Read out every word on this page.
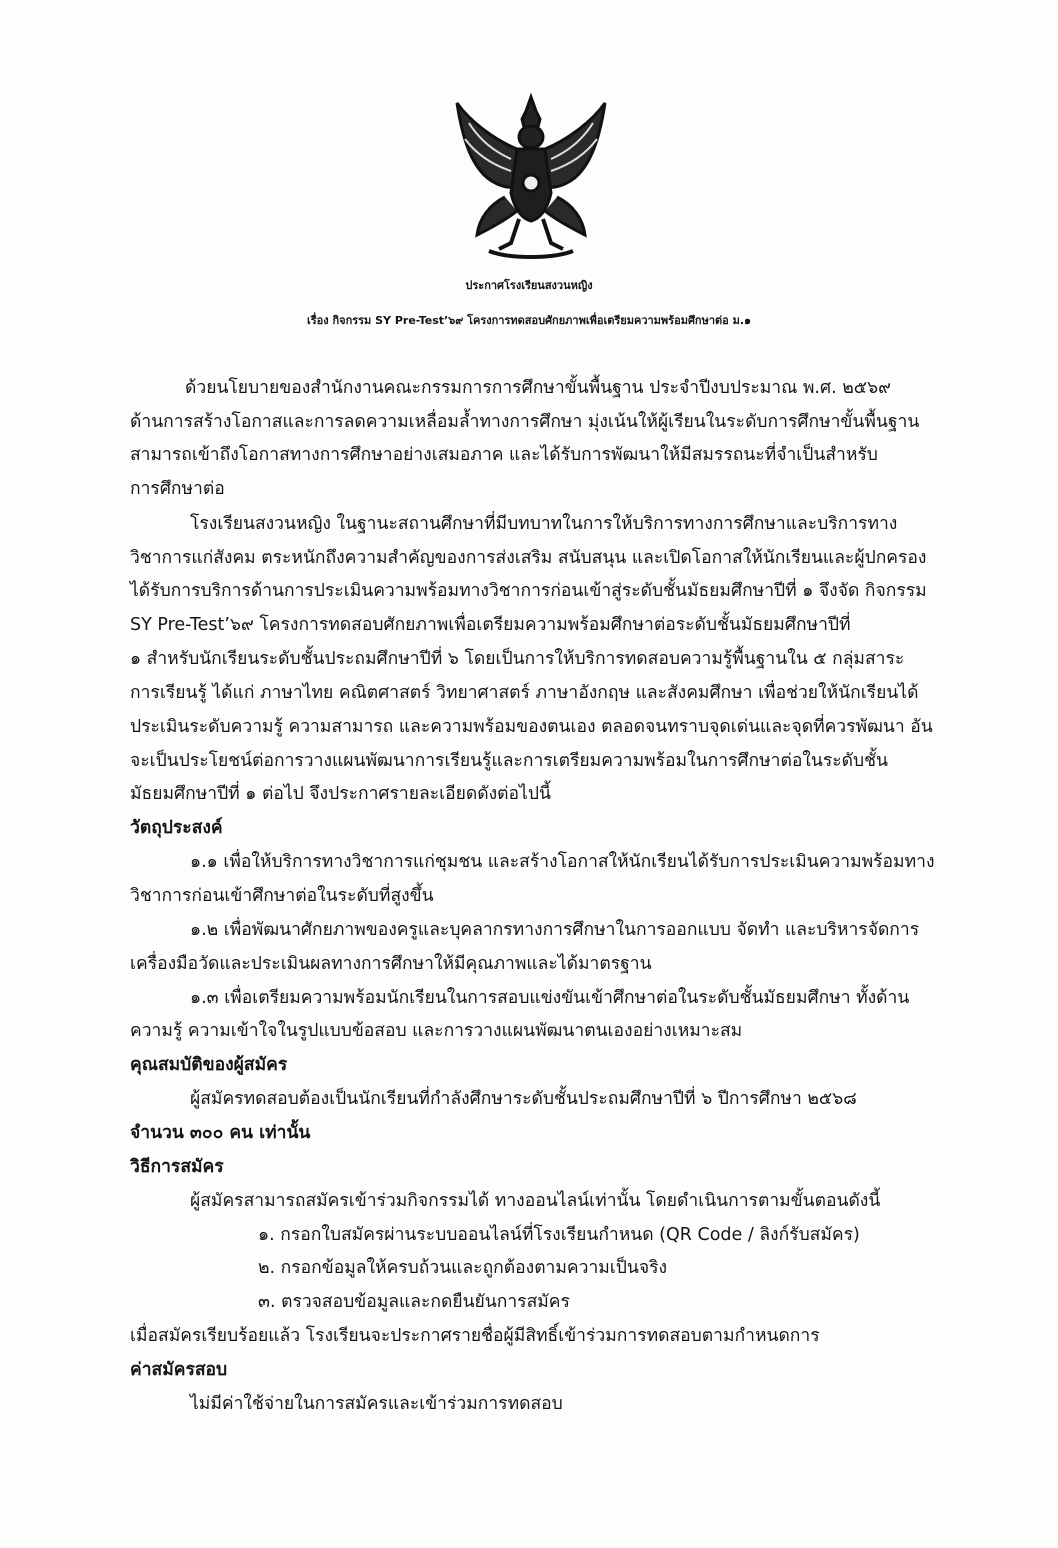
ประกาศโรงเรียนสงวนหญิง
เรื่อง กิจกรรม SY Pre-Test’๖๙ โครงการทดสอบศักยภาพเพื่อเตรียมความพร้อมศึกษาต่อ ม.๑
ด้วยนโยบายของสำนักงานคณะกรรมการการศึกษาขั้นพื้นฐาน ประจำปีงบประมาณ พ.ศ. ๒๕๖๙
ด้านการสร้างโอกาสและการลดความเหลื่อมล้ำทางการศึกษา มุ่งเน้นให้ผู้เรียนในระดับการศึกษาขั้นพื้นฐาน
สามารถเข้าถึงโอกาสทางการศึกษาอย่างเสมอภาค และได้รับการพัฒนาให้มีสมรรถนะที่จำเป็นสำหรับ
การศึกษาต่อ
โรงเรียนสงวนหญิง ในฐานะสถานศึกษาที่มีบทบาทในการให้บริการทางการศึกษาและบริการทาง
วิชาการแก่สังคม ตระหนักถึงความสำคัญของการส่งเสริม สนับสนุน และเปิดโอกาสให้นักเรียนและผู้ปกครอง
ได้รับการบริการด้านการประเมินความพร้อมทางวิชาการก่อนเข้าสู่ระดับชั้นมัธยมศึกษาปีที่ ๑ จึงจัด กิจกรรม
SY Pre-Test’๖๙ โครงการทดสอบศักยภาพเพื่อเตรียมความพร้อมศึกษาต่อระดับชั้นมัธยมศึกษาปีที่
๑ สำหรับนักเรียนระดับชั้นประถมศึกษาปีที่ ๖ โดยเป็นการให้บริการทดสอบความรู้พื้นฐานใน ๕ กลุ่มสาระ
การเรียนรู้ ได้แก่ ภาษาไทย คณิตศาสตร์ วิทยาศาสตร์ ภาษาอังกฤษ และสังคมศึกษา เพื่อช่วยให้นักเรียนได้
ประเมินระดับความรู้ ความสามารถ และความพร้อมของตนเอง ตลอดจนทราบจุดเด่นและจุดที่ควรพัฒนา อัน
จะเป็นประโยชน์ต่อการวางแผนพัฒนาการเรียนรู้และการเตรียมความพร้อมในการศึกษาต่อในระดับชั้น
มัธยมศึกษาปีที่ ๑ ต่อไป จึงประกาศรายละเอียดดังต่อไปนี้
วัตถุประสงค์
๑.๑ เพื่อให้บริการทางวิชาการแก่ชุมชน และสร้างโอกาสให้นักเรียนได้รับการประเมินความพร้อมทาง
วิชาการก่อนเข้าศึกษาต่อในระดับที่สูงขึ้น
๑.๒ เพื่อพัฒนาศักยภาพของครูและบุคลากรทางการศึกษาในการออกแบบ จัดทำ และบริหารจัดการ
เครื่องมือวัดและประเมินผลทางการศึกษาให้มีคุณภาพและได้มาตรฐาน
๑.๓ เพื่อเตรียมความพร้อมนักเรียนในการสอบแข่งขันเข้าศึกษาต่อในระดับชั้นมัธยมศึกษา ทั้งด้าน
ความรู้ ความเข้าใจในรูปแบบข้อสอบ และการวางแผนพัฒนาตนเองอย่างเหมาะสม
คุณสมบัติของผู้สมัคร
ผู้สมัครทดสอบต้องเป็นนักเรียนที่กำลังศึกษาระดับชั้นประถมศึกษาปีที่ ๖ ปีการศึกษา ๒๕๖๘
จำนวน ๓๐๐ คน เท่านั้น
วิธีการสมัคร
ผู้สมัครสามารถสมัครเข้าร่วมกิจกรรมได้ ทางออนไลน์เท่านั้น โดยดำเนินการตามขั้นตอนดังนี้
๑. กรอกใบสมัครผ่านระบบออนไลน์ที่โรงเรียนกำหนด (QR Code / ลิงก์รับสมัคร)
๒. กรอกข้อมูลให้ครบถ้วนและถูกต้องตามความเป็นจริง
๓. ตรวจสอบข้อมูลและกดยืนยันการสมัคร
เมื่อสมัครเรียบร้อยแล้ว โรงเรียนจะประกาศรายชื่อผู้มีสิทธิ์เข้าร่วมการทดสอบตามกำหนดการ
ค่าสมัครสอบ
ไม่มีค่าใช้จ่ายในการสมัครและเข้าร่วมการทดสอบ
